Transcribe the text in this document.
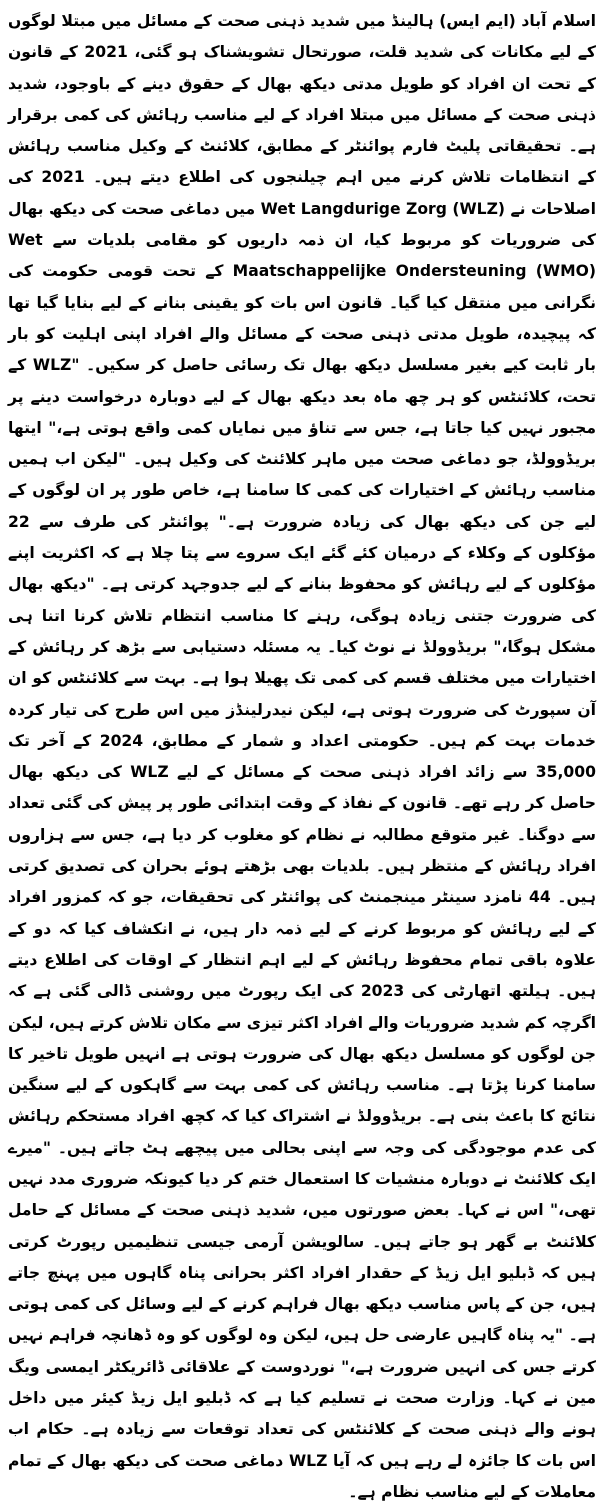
اسلام آباد (ایم ایس) ہالینڈ میں شدید ذہنی صحت کے مسائل میں مبتلا لوگوں کے لیے مکانات کی شدید قلت، صورتحال تشویشناک ہو گئی، 2021 کے قانون کے تحت ان افراد کو طویل مدتی دیکھ بھال کے حقوق دینے کے باوجود، شدید ذہنی صحت کے مسائل میں مبتلا افراد کے لیے مناسب رہائش کی کمی برقرار ہے۔ تحقیقاتی پلیٹ فارم پوائنٹر کے مطابق، کلائنٹ کے وکیل مناسب رہائش کے انتظامات تلاش کرنے میں اہم چیلنجوں کی اطلاع دیتے ہیں۔ 2021 کی اصلاحات نے Wet Langdurige Zorg (WLZ) میں دماغی صحت کی دیکھ بھال کی ضروریات کو مربوط کیا، ان ذمہ داریوں کو مقامی بلدیات سے Wet Maatschappelijke Ondersteuning (WMO) کے تحت قومی حکومت کی نگرانی میں منتقل کیا گیا۔ قانون اس بات کو یقینی بنانے کے لیے بنایا گیا تھا کہ پیچیدہ، طویل مدتی ذہنی صحت کے مسائل والے افراد اپنی اہلیت کو بار بار ثابت کیے بغیر مسلسل دیکھ بھال تک رسائی حاصل کر سکیں۔ "WLZ کے تحت، کلائنٹس کو ہر چھ ماہ بعد دیکھ بھال کے لیے دوبارہ درخواست دینے پر مجبور نہیں کیا جاتا ہے، جس سے تناؤ میں نمایاں کمی واقع ہوتی ہے،" ایتھا بریڈوولڈ، جو دماغی صحت میں ماہر کلائنٹ کی وکیل ہیں۔ "لیکن اب ہمیں مناسب رہائش کے اختیارات کی کمی کا سامنا ہے، خاص طور پر ان لوگوں کے لیے جن کی دیکھ بھال کی زیادہ ضرورت ہے۔" پوائنٹر کی طرف سے 22 مؤکلوں کے وکلاء کے درمیان کئے گئے ایک سروے سے پتا چلا ہے کہ اکثریت اپنے مؤکلوں کے لیے رہائش کو محفوظ بنانے کے لیے جدوجہد کرتی ہے۔ "دیکھ بھال کی ضرورت جتنی زیادہ ہوگی، رہنے کا مناسب انتظام تلاش کرنا اتنا ہی مشکل ہوگا،" بریڈوولڈ نے نوٹ کیا۔ یہ مسئلہ دستیابی سے بڑھ کر رہائش کے اختیارات میں مختلف قسم کی کمی تک پھیلا ہوا ہے۔ بہت سے کلائنٹس کو ان آن سپورٹ کی ضرورت ہوتی ہے، لیکن نیدرلینڈز میں اس طرح کی تیار کردہ خدمات بہت کم ہیں۔ حکومتی اعداد و شمار کے مطابق، 2024 کے آخر تک 35,000 سے زائد افراد ذہنی صحت کے مسائل کے لیے WLZ کی دیکھ بھال حاصل کر رہے تھے۔ قانون کے نفاذ کے وقت ابتدائی طور پر پیش کی گئی تعداد سے دوگنا۔ غیر متوقع مطالبہ نے نظام کو مغلوب کر دیا ہے، جس سے ہزاروں افراد رہائش کے منتظر ہیں۔ بلدیات بھی بڑھتے ہوئے بحران کی تصدیق کرتی ہیں۔ 44 نامزد سینٹر مینجمنٹ کی پوائنٹر کی تحقیقات، جو کہ کمزور افراد کے لیے رہائش کو مربوط کرنے کے لیے ذمہ دار ہیں، نے انکشاف کیا کہ دو کے علاوہ باقی تمام محفوظ رہائش کے لیے اہم انتظار کے اوقات کی اطلاع دیتے ہیں۔ ہیلتھ اتھارٹی کی 2023 کی ایک رپورٹ میں روشنی ڈالی گئی ہے کہ اگرچہ کم شدید ضروریات والے افراد اکثر تیزی سے مکان تلاش کرتے ہیں، لیکن جن لوگوں کو مسلسل دیکھ بھال کی ضرورت ہوتی ہے انہیں طویل تاخیر کا سامنا کرنا پڑتا ہے۔ مناسب رہائش کی کمی بہت سے گاہکوں کے لیے سنگین نتائج کا باعث بنی ہے۔ بریڈوولڈ نے اشتراک کیا کہ کچھ افراد مستحکم رہائش کی عدم موجودگی کی وجہ سے اپنی بحالی میں پیچھے ہٹ جاتے ہیں۔ "میرے ایک کلائنٹ نے دوبارہ منشیات کا استعمال ختم کر دیا کیونکہ ضروری مدد نہیں تھی،" اس نے کہا۔ بعض صورتوں میں، شدید ذہنی صحت کے مسائل کے حامل کلائنٹ بے گھر ہو جاتے ہیں۔ سالویشن آرمی جیسی تنظیمیں رپورٹ کرتی ہیں کہ ڈبلیو ایل زیڈ کے حقدار افراد اکثر بحرانی پناہ گاہوں میں پہنچ جاتے ہیں، جن کے پاس مناسب دیکھ بھال فراہم کرنے کے لیے وسائل کی کمی ہوتی ہے۔ "یہ پناہ گاہیں عارضی حل ہیں، لیکن وہ لوگوں کو وہ ڈھانچہ فراہم نہیں کرتے جس کی انہیں ضرورت ہے،" نوردوست کے علاقائی ڈائریکٹر ایمسی ویگ مین نے کہا۔ وزارت صحت نے تسلیم کیا ہے کہ ڈبلیو ایل زیڈ کیئر میں داخل ہونے والے ذہنی صحت کے کلائنٹس کی تعداد توقعات سے زیادہ ہے۔ حکام اب اس بات کا جائزہ لے رہے ہیں کہ آیا WLZ دماغی صحت کی دیکھ بھال کے تمام معاملات کے لیے مناسب نظام ہے۔
